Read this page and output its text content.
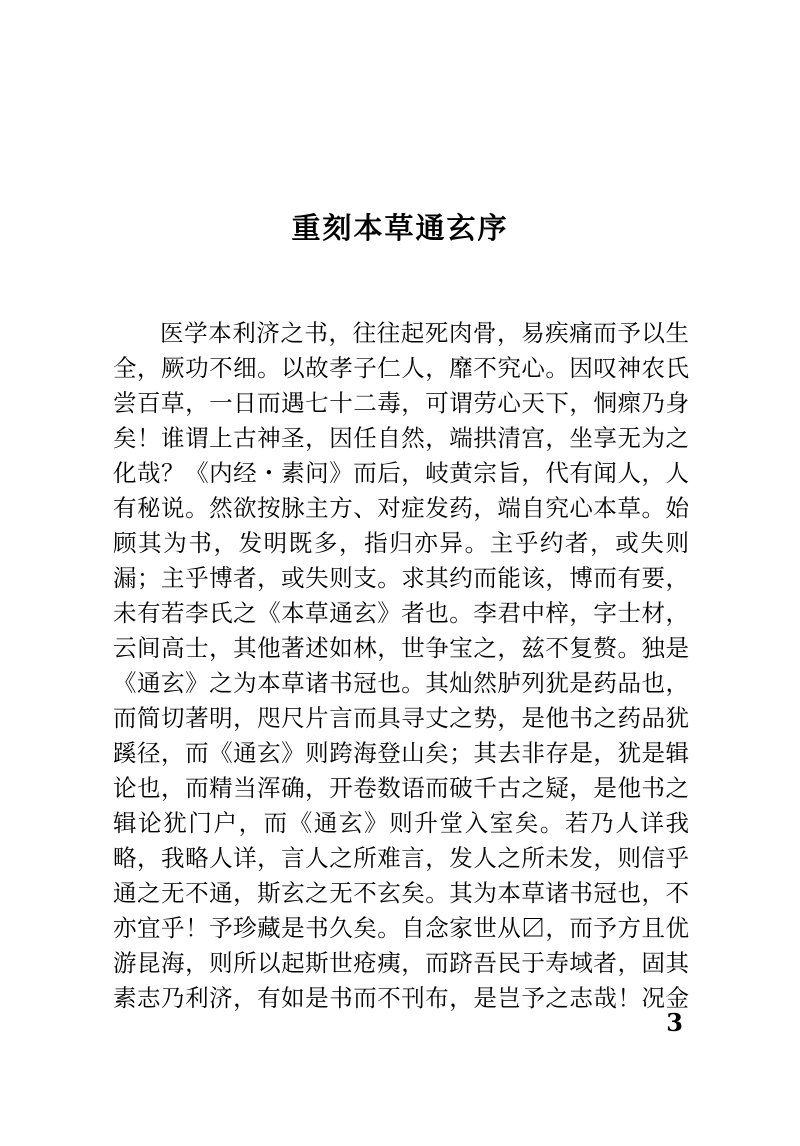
重刻本草通玄序
医学本利济之书，往往起死肉骨，易疾痛而予以生
全，厥功不细。以故孝子仁人，靡不究心。因叹神农氏
尝百草，一日而遇七十二毒，可谓劳心天下，恫瘝乃身
矣！谁谓上古神圣，因任自然，端拱清宫，坐享无为之
化哉？《内经・素问》而后，岐黄宗旨，代有闻人，人
有秘说。然欲按脉主方、对症发药，端自究心本草。始
顾其为书，发明既多，指归亦异。主乎约者，或失则
漏；主乎博者，或失则支。求其约而能该，博而有要，
未有若李氏之《本草通玄》者也。李君中梓，字士材，
云间高士，其他著述如林，世争宝之，兹不复赘。独是
《通玄》之为本草诸书冠也。其灿然胪列犹是药品也，
而简切著明，咫尺片言而具寻丈之势，是他书之药品犹
蹊径，而《通玄》则跨海登山矣；其去非存是，犹是辑
论也，而精当浑确，开卷数语而破千古之疑，是他书之
辑论犹门户，而《通玄》则升堂入室矣。若乃人详我
略，我略人详，言人之所难言，发人之所未发，则信乎
通之无不通，斯玄之无不玄矣。其为本草诸书冠也，不
亦宜乎！予珍藏是书久矣。自念家世从〼，而予方且优
游昆海，则所以起斯世疮痍，而跻吾民于寿域者，固其
素志乃利济，有如是书而不刊布，是岂予之志哉！况金
3
